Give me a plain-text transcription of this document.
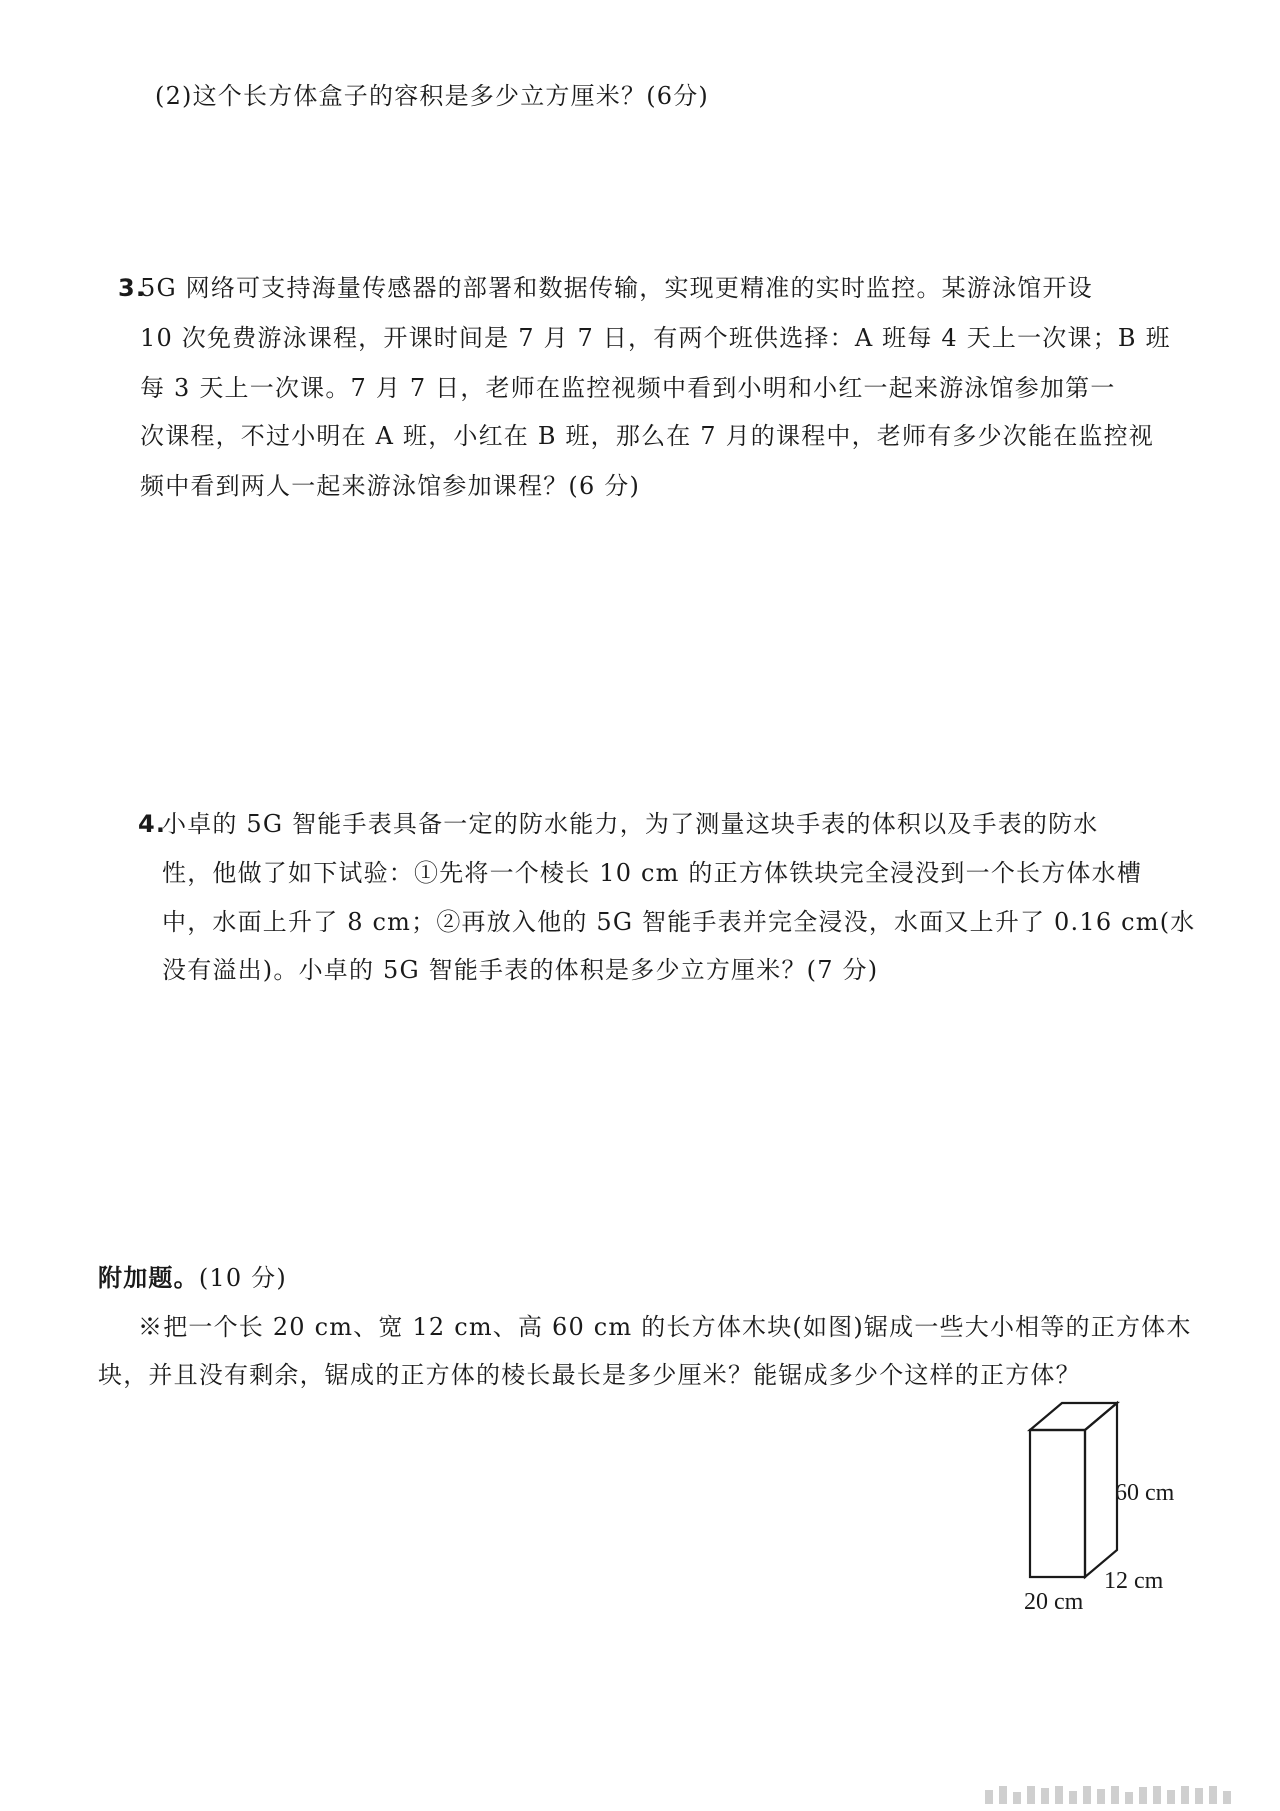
(2)这个长方体盒子的容积是多少立方厘米？(6分)
3.
5G 网络可支持海量传感器的部署和数据传输，实现更精准的实时监控。某游泳馆开设
10 次免费游泳课程，开课时间是 7 月 7 日，有两个班供选择：A 班每 4 天上一次课；B 班
每 3 天上一次课。7 月 7 日，老师在监控视频中看到小明和小红一起来游泳馆参加第一
次课程，不过小明在 A 班，小红在 B 班，那么在 7 月的课程中，老师有多少次能在监控视
频中看到两人一起来游泳馆参加课程？(6 分)
4.
小卓的 5G 智能手表具备一定的防水能力，为了测量这块手表的体积以及手表的防水
性，他做了如下试验：①先将一个棱长 10 cm 的正方体铁块完全浸没到一个长方体水槽
中，水面上升了 8 cm；②再放入他的 5G 智能手表并完全浸没，水面又上升了 0.16 cm(水
没有溢出)。小卓的 5G 智能手表的体积是多少立方厘米？(7 分)
附加题。(10 分)
※把一个长 20 cm、宽 12 cm、高 60 cm 的长方体木块(如图)锯成一些大小相等的正方体木
块，并且没有剩余，锯成的正方体的棱长最长是多少厘米？能锯成多少个这样的正方体？
60 cm
12 cm
20 cm
